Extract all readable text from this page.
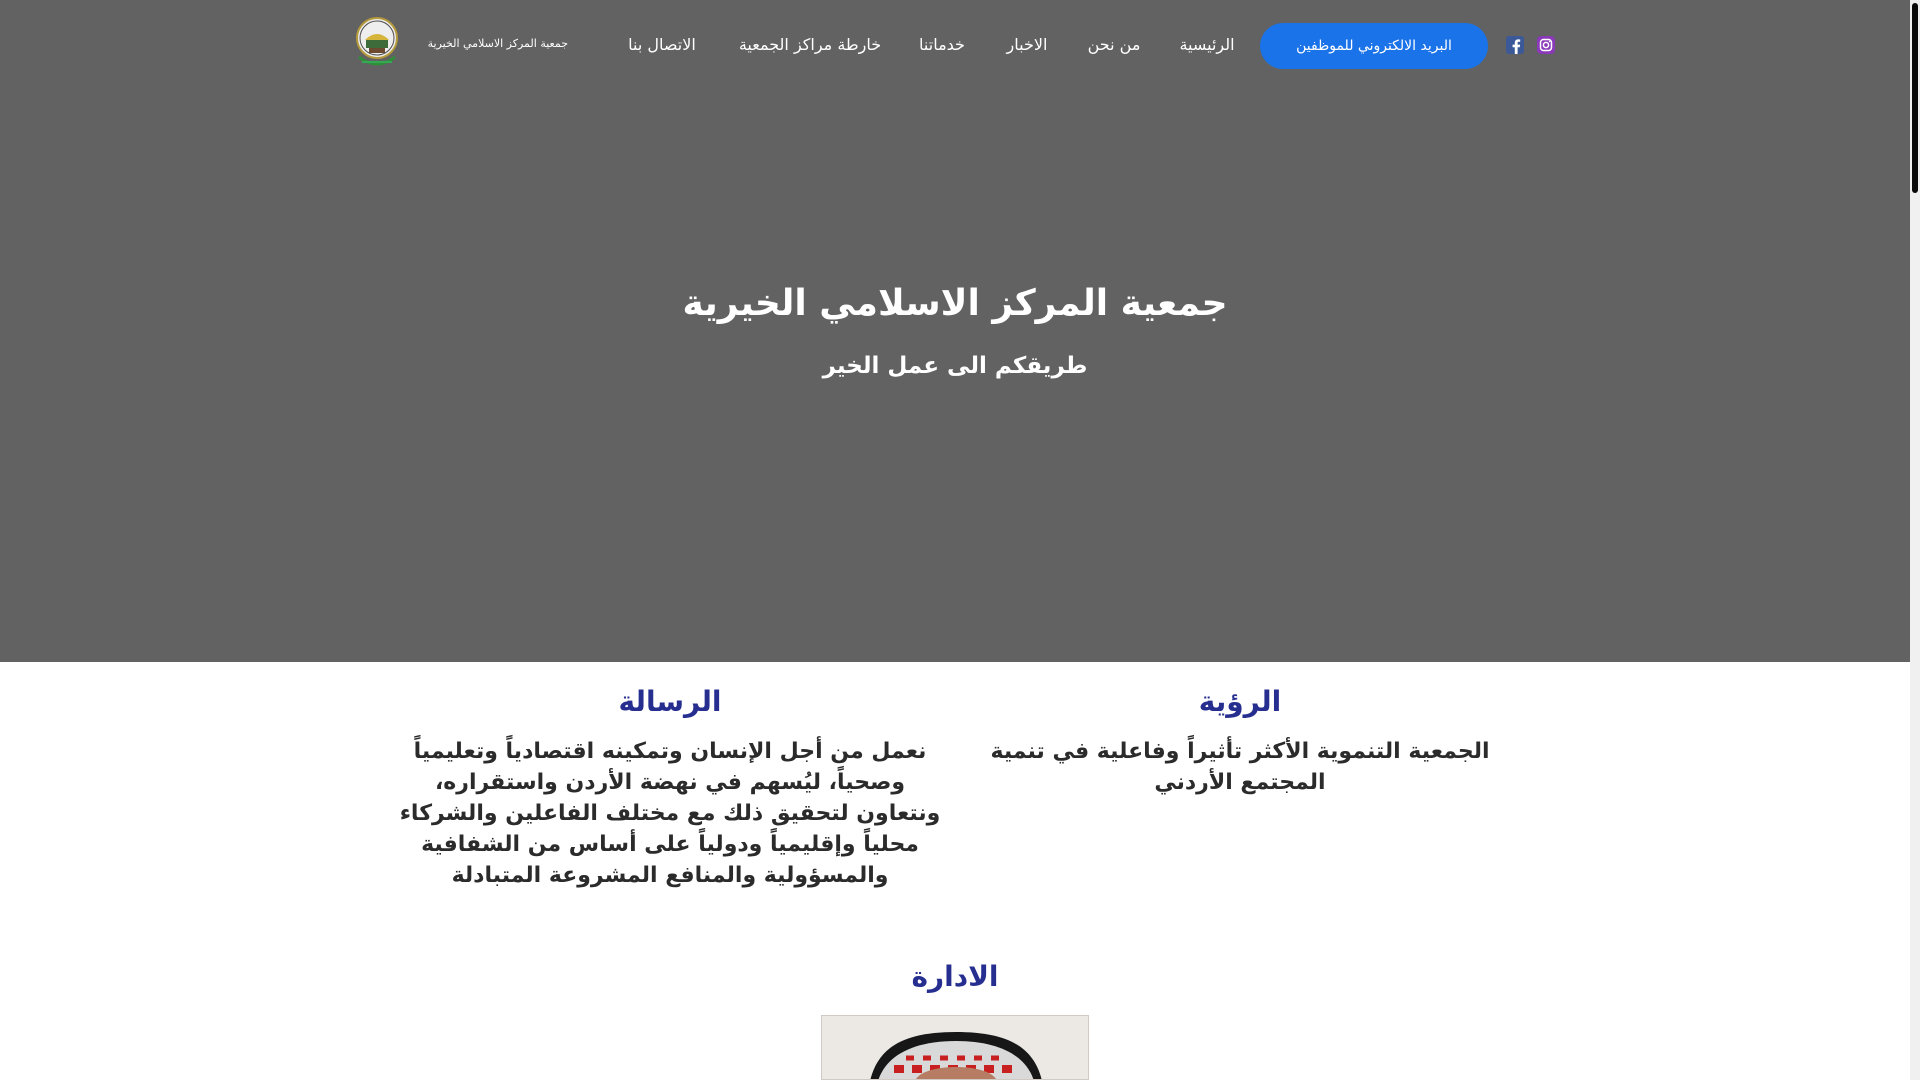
جمعية المركز الاسلامي الخيرية	الاتصال بنا	خارطة مراكز الجمعية	خدماتنا	الاخبار	من نحن	الرئيسية	البريد الالكتروني للموظفين
جمعية المركز الاسلامي الخيرية
طريقكم الى عمل الخير
الرؤية

الجمعية التنموية الأكثر تأثيراً وفاعلية في تنمية المجتمع الأردني

الرسالة

نعمل من أجل الإنسان وتمكينه اقتصادياً وتعليمياً وصحياً، ليُسهم في نهضة الأردن واستقراره، ونتعاون لتحقيق ذلك مع مختلف الفاعلين والشركاء محلياً وإقليمياً ودولياً على أساس من الشفافية والمسؤولية والمنافع المشروعة المتبادلة

الادارة
